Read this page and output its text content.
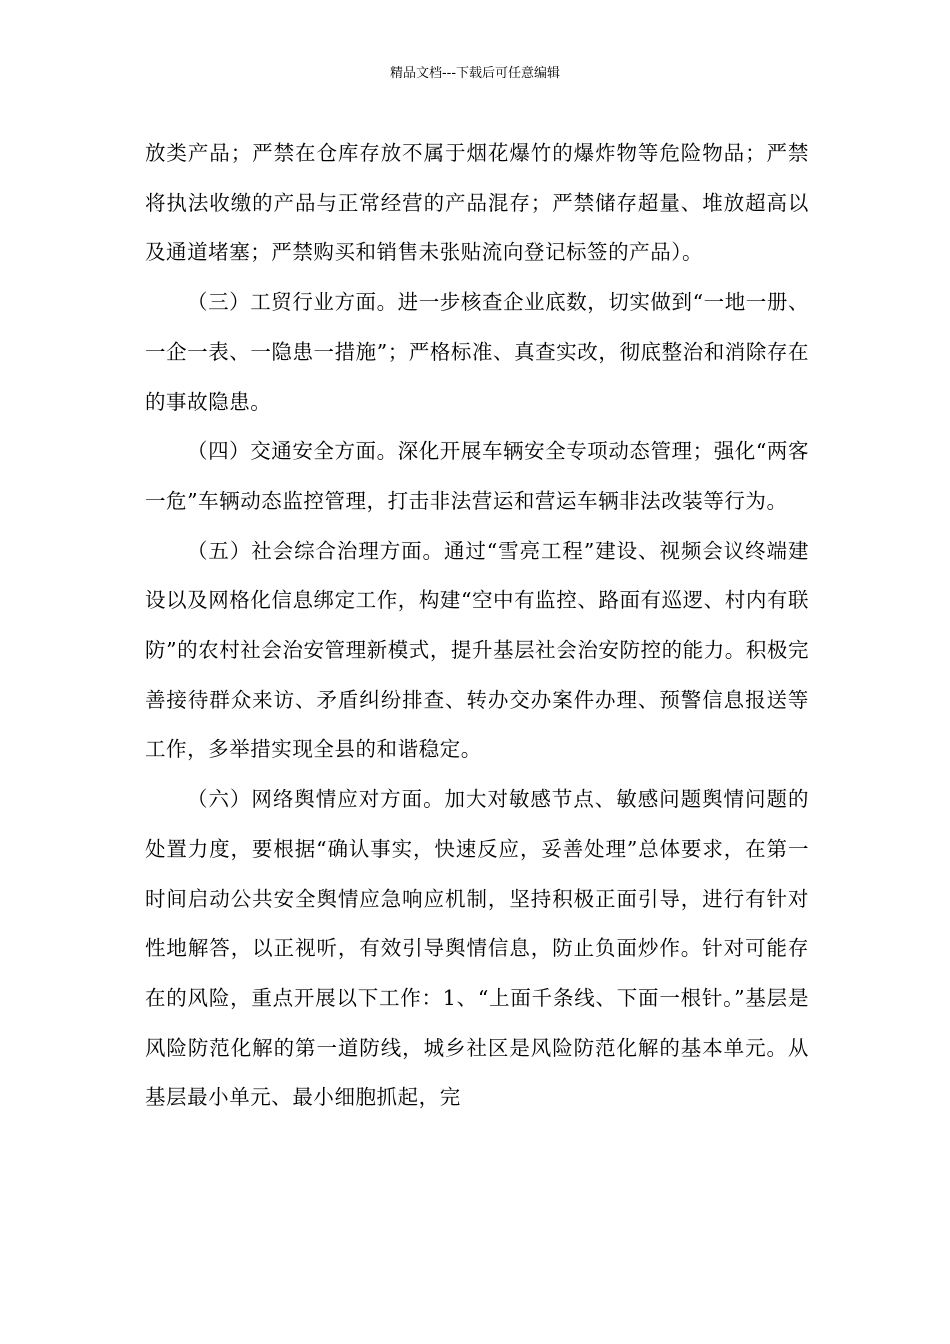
精品文档---下载后可任意编辑

放类产品；严禁在仓库存放不属于烟花爆竹的爆炸物等危险物品；严禁将执法收缴的产品与正常经营的产品混存；严禁储存超量、堆放超高以及通道堵塞；严禁购买和销售未张贴流向登记标签的产品）。

（三）工贸行业方面。进一步核查企业底数，切实做到“一地一册、一企一表、一隐患一措施”；严格标准、真查实改，彻底整治和消除存在的事故隐患。

（四）交通安全方面。深化开展车辆安全专项动态管理；强化“两客一危”车辆动态监控管理，打击非法营运和营运车辆非法改装等行为。

（五）社会综合治理方面。通过“雪亮工程”建设、视频会议终端建设以及网格化信息绑定工作，构建“空中有监控、路面有巡逻、村内有联防”的农村社会治安管理新模式，提升基层社会治安防控的能力。积极完善接待群众来访、矛盾纠纷排查、转办交办案件办理、预警信息报送等工作，多举措实现全县的和谐稳定。

（六）网络舆情应对方面。加大对敏感节点、敏感问题舆情问题的处置力度，要根据“确认事实，快速反应，妥善处理”总体要求，在第一时间启动公共安全舆情应急响应机制，坚持积极正面引导，进行有针对性地解答，以正视听，有效引导舆情信息，防止负面炒作。针对可能存在的风险，重点开展以下工作：1、“上面千条线、下面一根针。”基层是风险防范化解的第一道防线，城乡社区是风险防范化解的基本单元。从基层最小单元、最小细胞抓起，完
